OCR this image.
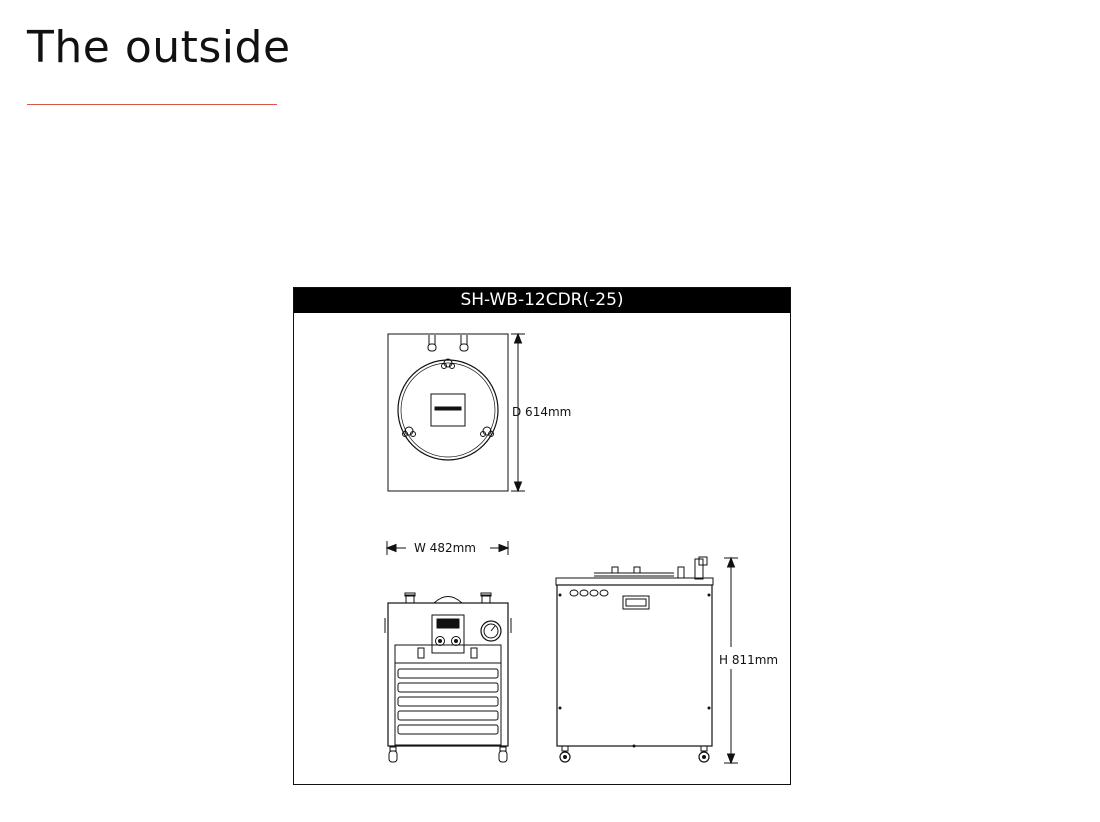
The outside
SH-WB-12CDR(-25)
D 614mm
W 482mm
H 811mm
